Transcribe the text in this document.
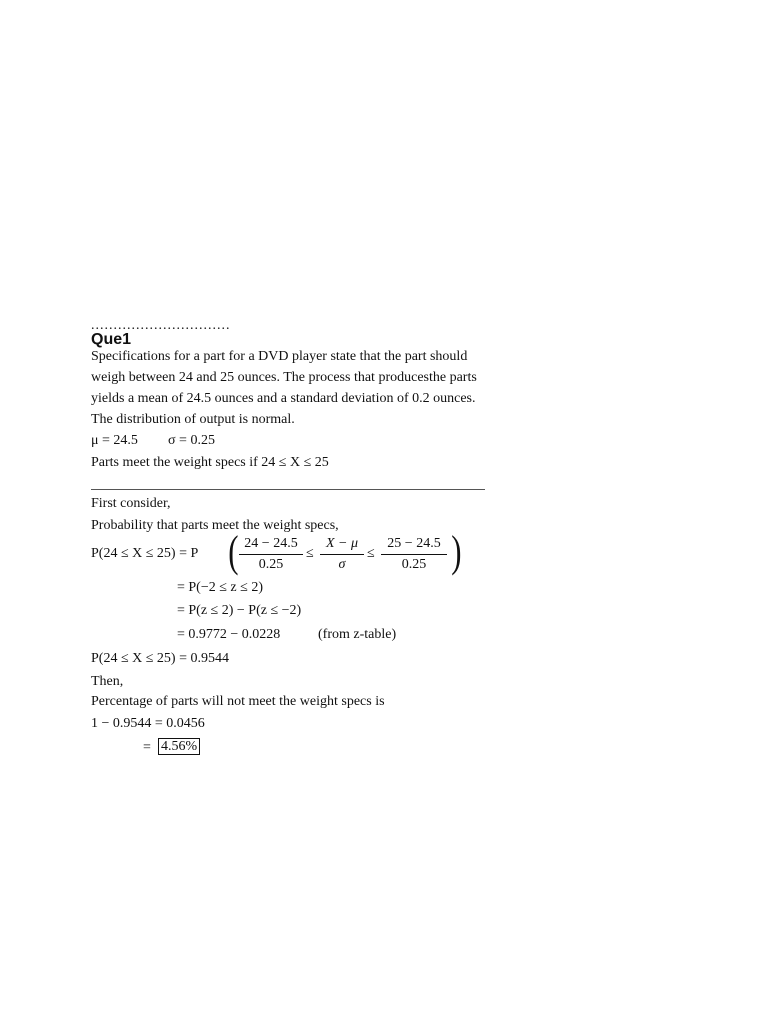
...............................
Que1
Specifications for a part for a DVD player state that the part should
weigh between 24 and 25 ounces. The process that producesthe parts
yields a mean of 24.5 ounces and a standard deviation of 0.2 ounces.
The distribution of output is normal.
μ = 24.5 σ = 0.25
Parts meet the weight specs if 24 ≤ X ≤ 25
First consider,
Probability that parts meet the weight specs,
P(24 ≤ X ≤ 25) = P ( $\frac{24 - 24.5}{0.25} \le \frac{X - \mu}{\sigma} \le \frac{25 - 24.5}{0.25}$ )
= P(−2 ≤ z ≤ 2)
= P(z ≤ 2) − P(z ≤ −2)
= 0.9772 − 0.0228	(from z-table)
P(24 ≤ X ≤ 25) = 0.9544
Then,
Percentage of parts will not meet the weight specs is
1 − 0.9544 = 0.0456
= 4.56%
